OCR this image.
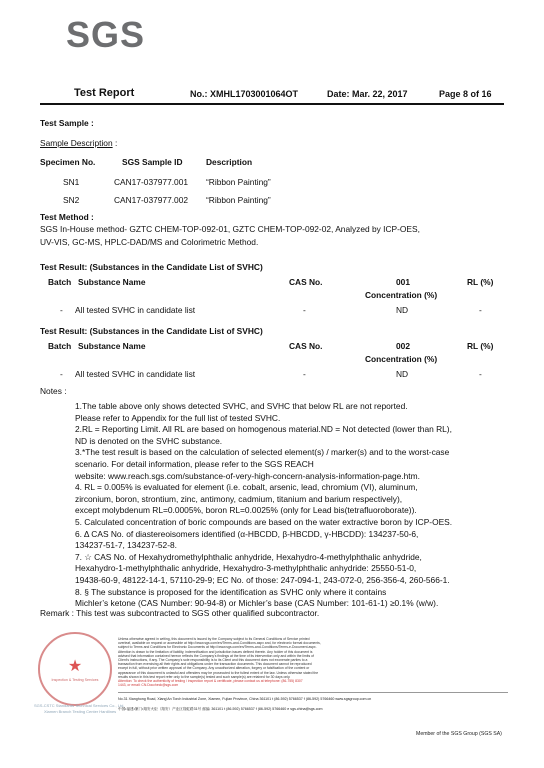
SGS
Test Report	No.: XMHL1703001064OT	Date: Mar. 22, 2017	Page 8 of 16
Test Sample :
Sample Description :
Specimen No.	SGS Sample ID	Description
SN1	CAN17-037977.001 “Ribbon Painting”
SN2	CAN17-037977.002 “Ribbon Painting”
Test Method :
SGS In-House method- GZTC CHEM-TOP-092-01, GZTC CHEM-TOP-092-02, Analyzed by ICP-OES,
UV-VIS, GC-MS, HPLC-DAD/MS and Colorimetric Method.
Test Result: (Substances in the Candidate List of SVHC)
Batch Substance Name	CAS No.	001	RL (%)
Concentration (%)
- All tested SVHC in candidate list	-	ND	-
Test Result: (Substances in the Candidate List of SVHC)
Batch Substance Name	CAS No.	002	RL (%)
Concentration (%)
- All tested SVHC in candidate list	-	ND	-
Notes :

1.The table above only shows detected SVHC, and SVHC that below RL are not reported.

Please refer to Appendix for the full list of tested SVHC.

2.RL = Reporting Limit. All RL are based on homogenous material.ND = Not detected (lower than RL),

ND is denoted on the SVHC substance.

3.*The test result is based on the calculation of selected element(s) / marker(s) and to the worst-case

scenario. For detail information, please refer to the SGS REACH

website: www.reach.sgs.com/substance-of-very-high-concern-analysis-information-page.htm.

4. RL = 0.005% is evaluated for element (i.e. cobalt, arsenic, lead, chromium (VI), aluminum,

zirconium, boron, strontium, zinc, antimony, cadmium, titanium and barium respectively),

except molybdenum RL=0.0005%, boron RL=0.0025% (only for Lead bis(tetrafluoroborate)).

5. Calculated concentration of boric compounds are based on the water extractive boron by ICP-OES.

6. Δ CAS No. of diastereoisomers identified (α-HBCDD, β-HBCDD, γ-HBCDD): 134237-50-6,

134237-51-7, 134237-52-8.

7. ☆ CAS No. of Hexahydromethylphthalic anhydride, Hexahydro-4-methylphthalic anhydride,

Hexahydro-1-methylphthalic anhydride, Hexahydro-3-methylphthalic anhydride: 25550-51-0,

19438-60-9, 48122-14-1, 57110-29-9; EC No. of those: 247-094-1, 243-072-0, 256-356-4, 260-566-1.

8. § The substance is proposed for the identification as SVHC only where it contains

Michler’s ketone (CAS Number: 90-94-8) or Michler’s base (CAS Number: 101-61-1) ≥0.1% (w/w).

Remark : This test was subcontracted to SGS other qualified subcontractor.
★
Inspection & Testing Services
SGS-CSTC Standards Technical Services Co., Ltd.
Xiamen Branch Testing Center Hardlines
Unless otherwise agreed in writing, this document is issued by the Company subject to its General Conditions of Service printed
overleaf, available on request or accessible at http://www.sgs.com/en/Terms-and-Conditions.aspx and, for electronic format documents,
subject to Terms and Conditions for Electronic Documents at http://www.sgs.com/en/Terms-and-Conditions/Terms-e-Document.aspx.
Attention is drawn to the limitation of liability, indemnification and jurisdiction issues defined therein. Any holder of this document is
advised that information contained hereon reflects the Company's findings at the time of its intervention only and within the limits of
Client's instructions, if any. The Company's sole responsibility is to its Client and this document does not exonerate parties to a
transaction from exercising all their rights and obligations under the transaction documents. This document cannot be reproduced
except in full, without prior written approval of the Company. Any unauthorized alteration, forgery or falsification of the content or
appearance of this document is unlawful and offenders may be prosecuted to the fullest extent of the law. Unless otherwise stated the
results shown in this test report refer only to the sample(s) tested and such sample(s) are retained for 30 days only.
Attention: To check the authenticity of testing / inspection report & certificate, please contact us at telephone: (86-755) 8307
1443, or email: CN.Doccheck@sgs.com
No.31 Xianghong Road, Xiang'An Torch Industrial Zone, Xiamen, Fujian Province, China 361101 t (86-592) 5766537 f (86-592) 5766460 www.sgsgroup.com.cn
中国•福建•厦门•翔安火炬（翔安）产业区翔虹路31号 邮编: 361101 t (86-592) 5766537 f (86-592) 5766460 e sgs.china@sgs.com
Member of the SGS Group (SGS SA)
